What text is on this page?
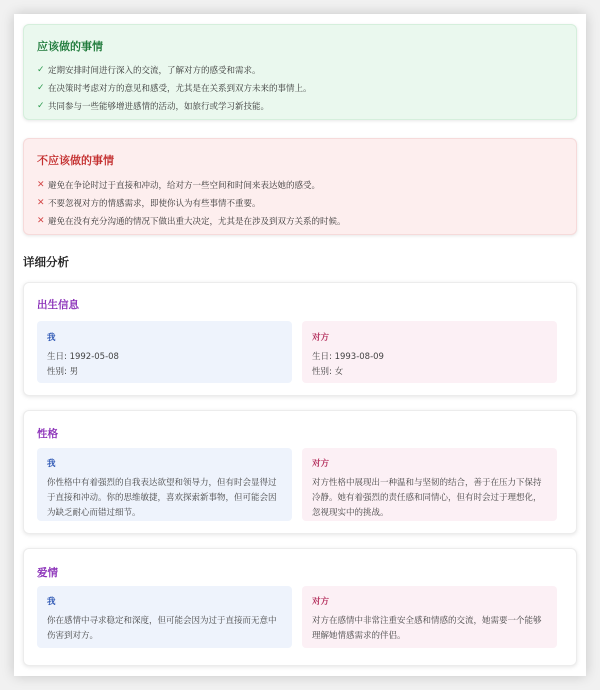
应该做的事情
✓ 定期安排时间进行深入的交流，了解对方的感受和需求。
✓ 在决策时考虑对方的意见和感受，尤其是在关系到双方未来的事情上。
✓ 共同参与一些能够增进感情的活动，如旅行或学习新技能。
不应该做的事情
✕ 避免在争论时过于直接和冲动，给对方一些空间和时间来表达她的感受。
✕ 不要忽视对方的情感需求，即使你认为有些事情不重要。
✕ 避免在没有充分沟通的情况下做出重大决定，尤其是在涉及到双方关系的时候。
详细分析
出生信息
我
生日: 1992-05-08
性别: 男
对方
生日: 1993-08-09
性别: 女
性格
我
你性格中有着强烈的自我表达欲望和领导力，但有时会显得过于直接和冲动。你的思维敏捷，喜欢探索新事物，但可能会因为缺乏耐心而错过细节。
对方
对方性格中展现出一种温和与坚韧的结合，善于在压力下保持冷静。她有着强烈的责任感和同情心，但有时会过于理想化，忽视现实中的挑战。
爱情
我
你在感情中寻求稳定和深度，但可能会因为过于直接而无意中伤害到对方。
对方
对方在感情中非常注重安全感和情感的交流，她需要一个能够理解她情感需求的伴侣。
